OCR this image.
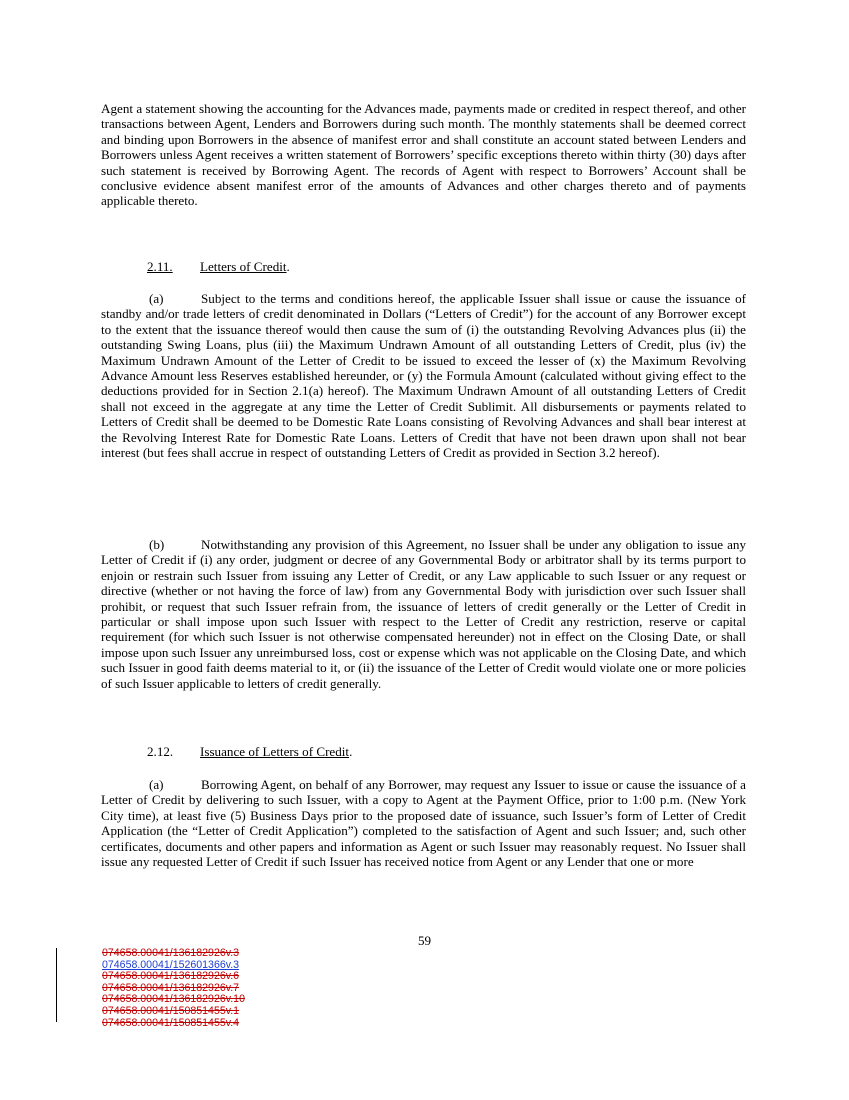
Agent a statement showing the accounting for the Advances made, payments made or credited in respect thereof, and other transactions between Agent, Lenders and Borrowers during such month. The monthly statements shall be deemed correct and binding upon Borrowers in the absence of manifest error and shall constitute an account stated between Lenders and Borrowers unless Agent receives a written statement of Borrowers’ specific exceptions thereto within thirty (30) days after such statement is received by Borrowing Agent. The records of Agent with respect to Borrowers’ Account shall be conclusive evidence absent manifest error of the amounts of Advances and other charges thereto and of payments applicable thereto.

2.11. Letters of Credit.

(a)	Subject to the terms and conditions hereof, the applicable Issuer shall issue or cause the issuance of standby and/or trade letters of credit denominated in Dollars (“Letters of Credit”) for the account of any Borrower except to the extent that the issuance thereof would then cause the sum of (i) the outstanding Revolving Advances plus (ii) the outstanding Swing Loans, plus (iii) the Maximum Undrawn Amount of all outstanding Letters of Credit, plus (iv) the Maximum Undrawn Amount of the Letter of Credit to be issued to exceed the lesser of (x) the Maximum Revolving Advance Amount less Reserves established hereunder, or (y) the Formula Amount (calculated without giving effect to the deductions provided for in Section 2.1(a) hereof). The Maximum Undrawn Amount of all outstanding Letters of Credit shall not exceed in the aggregate at any time the Letter of Credit Sublimit. All disbursements or payments related to Letters of Credit shall be deemed to be Domestic Rate Loans consisting of Revolving Advances and shall bear interest at the Revolving Interest Rate for Domestic Rate Loans. Letters of Credit that have not been drawn upon shall not bear interest (but fees shall accrue in respect of outstanding Letters of Credit as provided in Section 3.2 hereof).

(b)	Notwithstanding any provision of this Agreement, no Issuer shall be under any obligation to issue any Letter of Credit if (i) any order, judgment or decree of any Governmental Body or arbitrator shall by its terms purport to enjoin or restrain such Issuer from issuing any Letter of Credit, or any Law applicable to such Issuer or any request or directive (whether or not having the force of law) from any Governmental Body with jurisdiction over such Issuer shall prohibit, or request that such Issuer refrain from, the issuance of letters of credit generally or the Letter of Credit in particular or shall impose upon such Issuer with respect to the Letter of Credit any restriction, reserve or capital requirement (for which such Issuer is not otherwise compensated hereunder) not in effect on the Closing Date, or shall impose upon such Issuer any unreimbursed loss, cost or expense which was not applicable on the Closing Date, and which such Issuer in good faith deems material to it, or (ii) the issuance of the Letter of Credit would violate one or more policies of such Issuer applicable to letters of credit generally.

2.12. Issuance of Letters of Credit.

(a)	Borrowing Agent, on behalf of any Borrower, may request any Issuer to issue or cause the issuance of a Letter of Credit by delivering to such Issuer, with a copy to Agent at the Payment Office, prior to 1:00 p.m. (New York City time), at least five (5) Business Days prior to the proposed date of issuance, such Issuer’s form of Letter of Credit Application (the “Letter of Credit Application”) completed to the satisfaction of Agent and such Issuer; and, such other certificates, documents and other papers and information as Agent or such Issuer may reasonably request. No Issuer shall issue any requested Letter of Credit if such Issuer has received notice from Agent or any Lender that one or more

59
074658.00041/136182926v.3
074658.00041/152601366v.3
074658.00041/136182926v.6
074658.00041/136182926v.7
074658.00041/136182926v.10
074658.00041/150851455v.1
074658.00041/150851455v.4
